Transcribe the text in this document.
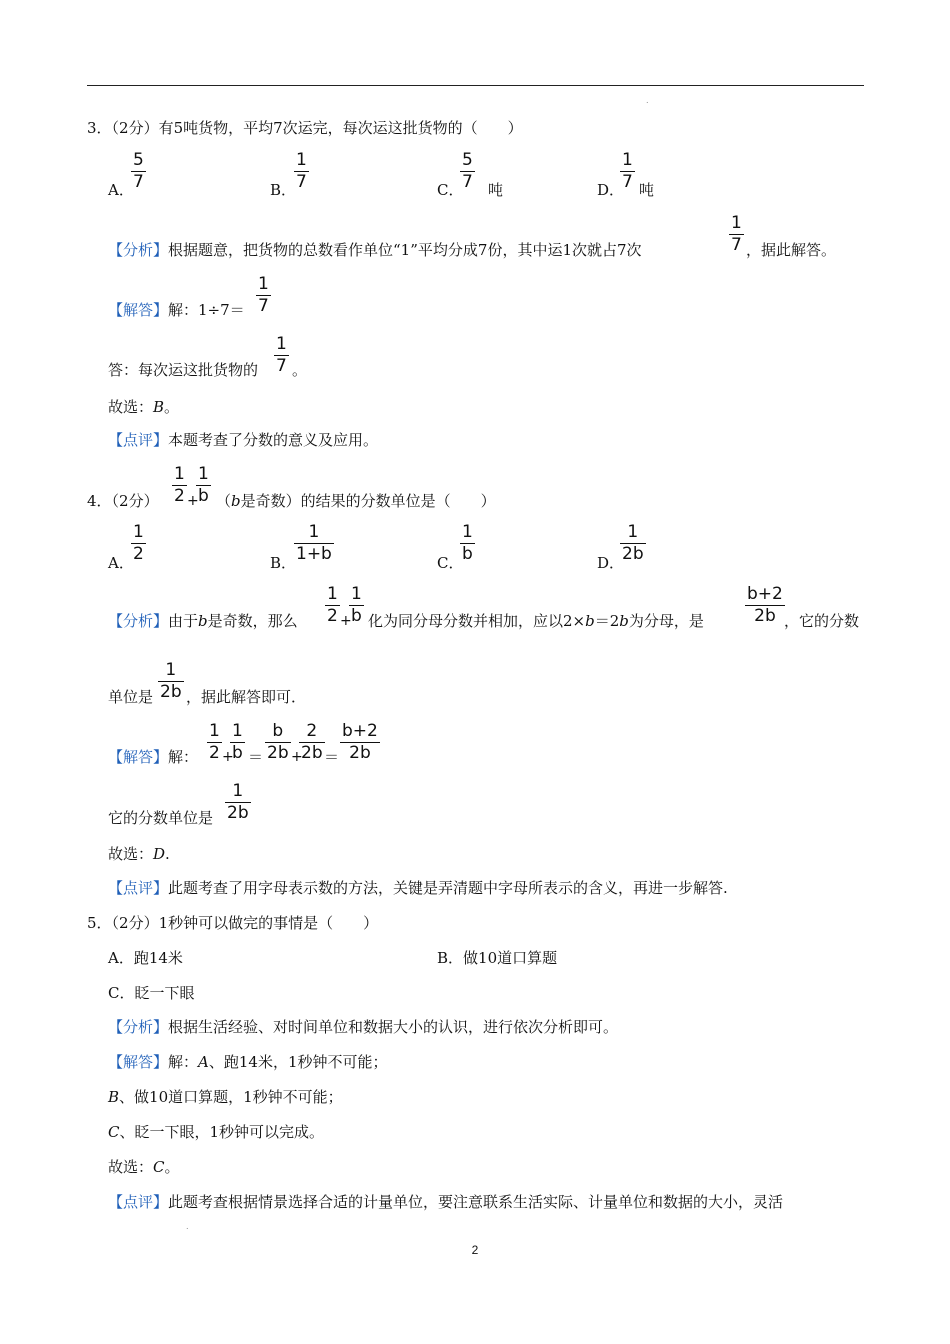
.
3．（2分）有5吨货物，平均7次运完，每次运这批货物的（　　）
A．
5
7	B．
1
7	C．
5
7 吨	D．
1
7 吨
【分析】根据题意，把货物的总数看作单位“1”平均分成7份，其中运1次就占7次
1
7 ，据此解答。
【解答】解：1÷7＝
1
7
答：每次运这批货物的
1
7 。
故选：B。
【点评】本题考查了分数的意义及应用。
4．（2分）
1
2 +
1
b （b是奇数）的结果的分数单位是（　　）
A．
1
2	B．
1
1+b	C．
1
b	D．
1
2b
【分析】由于b是奇数，那么
1
2 +
1
b 化为同分母分数并相加，应以2×b＝2b为分母，是
b+2
2b ，它的分数
单位是
1
2b ，据此解答即可．
【解答】解：
1
2 +
1
b ＝
b
2b +
2
2b ＝
b+2
2b
它的分数单位是
1
2b
故选：D.
【点评】此题考查了用字母表示数的方法，关键是弄清题中字母所表示的含义，再进一步解答.
5．（2分）1秒钟可以做完的事情是（　　）
A．跑14米	B．做10道口算题
C．眨一下眼
【分析】根据生活经验、对时间单位和数据大小的认识，进行依次分析即可。
【解答】解：A、跑14米，1秒钟不可能；
B、做10道口算题，1秒钟不可能；
C、眨一下眼，1秒钟可以完成。
故选：C。
【点评】此题考查根据情景选择合适的计量单位，要注意联系生活实际、计量单位和数据的大小，灵活
.
2
